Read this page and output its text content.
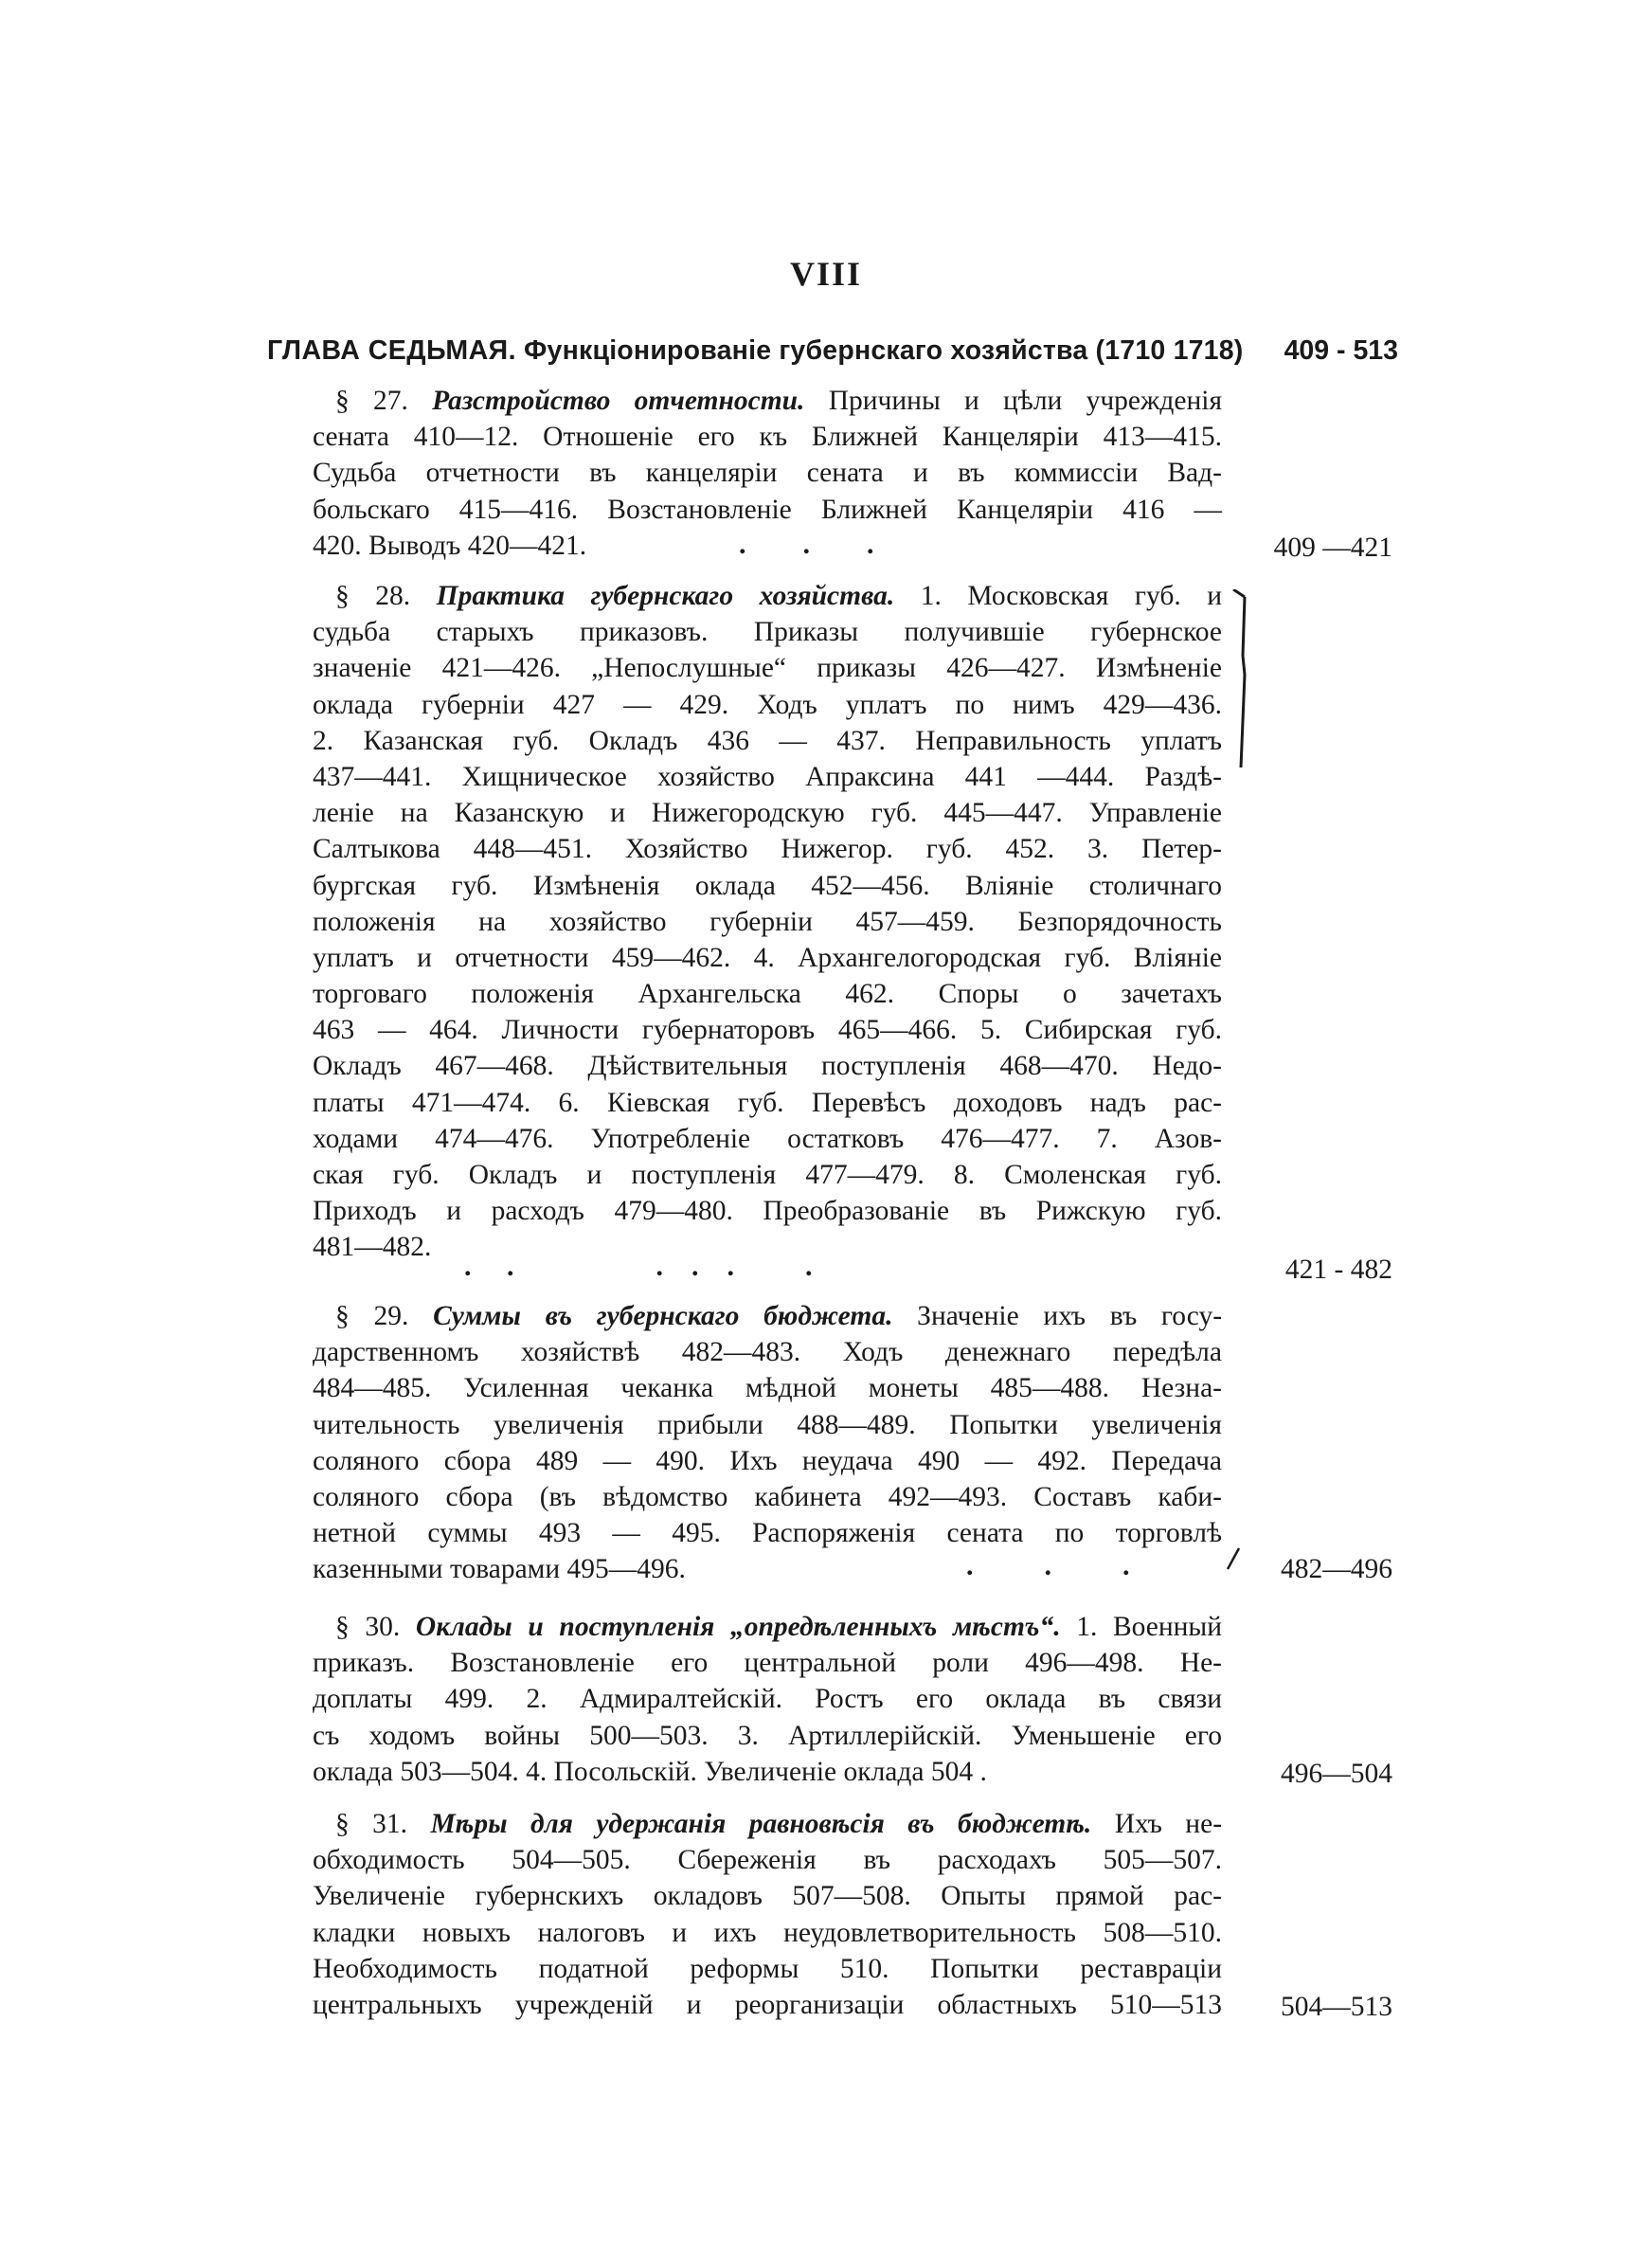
VIII
ГЛАВА СЕДЬМАЯ. Функцiонированiе губернскаго хозяйства (1710 1718)	409 - 513
§ 27. Разстройство отчетности. Причины и цѣли учрежденiя
сената 410—12. Отношенiе его къ Ближней Канцелярiи 413—415.
Судьба отчетности въ канцелярiи сената и въ коммиссiи Вад-
больскаго 415—416. Возстановленiе Ближней Канцелярiи 416 —
420. Выводъ 420—421.	.        .        .	409 —421
§ 28. Практика губернскаго хозяйства. 1. Московская губ. и
судьба старыхъ приказовъ. Приказы получившiе губернское
значенiе 421—426. „Непослушные“ приказы 426—427. Измѣненiе
оклада губернiи 427 — 429. Ходъ уплатъ по нимъ 429—436.
2. Казанская губ. Окладъ 436 — 437. Неправильность уплатъ
437—441. Хищническое хозяйство Апраксина 441 —444. Раздѣ-
ленiе на Казанскую и Нижегородскую губ. 445—447. Управленiе
Салтыкова 448—451. Хозяйство Нижегор. губ. 452. 3. Петер-
бургская губ. Измѣненiя оклада 452—456. Влiянiе столичнаго
положенiя на хозяйство губернiи 457—459. Безпорядочность
уплатъ и отчетности 459—462. 4. Архангелогородская губ. Влiянiе
торговаго положенiя Архангельска 462. Споры о зачетахъ
463 — 464. Личности губернаторовъ 465—466. 5. Сибирская губ.
Окладъ 467—468. Дѣйствительныя поступленiя 468—470. Недо-
платы 471—474. 6. Кiевская губ. Перевѣсъ доходовъ надъ рас-
ходами 474—476. Употребленiе остатковъ 476—477. 7. Азов-
ская губ. Окладъ и поступленiя 477—479. 8. Смоленская губ.
Приходъ и расходъ 479—480. Преобразованiе въ Рижскую губ.
481—482.
.     .                    .    .    .          .	421 - 482
§ 29. Суммы въ губернскаго бюджета. Значенiе ихъ въ госу-
дарственномъ хозяйствѣ 482—483. Ходъ денежнаго передѣла
484—485. Усиленная чеканка мѣдной монеты 485—488. Незна-
чительность увеличенiя прибыли 488—489. Попытки увеличенiя
соляного сбора 489 — 490. Ихъ неудача 490 — 492. Передача
соляного сбора (въ вѣдомство кабинета 492—493. Составъ каби-
нетной суммы 493 — 495. Распоряженiя сената по торговлѣ
казенными товарами 495—496.	.          .          .	482—496
§ 30. Оклады и поступленiя „опредѣленныхъ мѣстъ“. 1. Военный
приказъ. Возстановленiе его центральной роли 496—498. Не-
доплаты 499. 2. Адмиралтейскiй. Ростъ его оклада въ связи
съ ходомъ войны 500—503. 3. Артиллерiйскiй. Уменьшенiе его
оклада 503—504. 4. Посольскiй. Увеличенiе оклада 504 .	496—504
§ 31. Мѣры для удержанiя равновѣсiя въ бюджетѣ. Ихъ не-
обходимость 504—505. Сбереженiя въ расходахъ 505—507.
Увеличенiе губернскихъ окладовъ 507—508. Опыты прямой рас-
кладки новыхъ налоговъ и ихъ неудовлетворительность 508—510.
Необходимость податной реформы 510. Попытки реставрацiи
центральныхъ учрежденiй и реорганизацiи областныхъ 510—513	504—513
